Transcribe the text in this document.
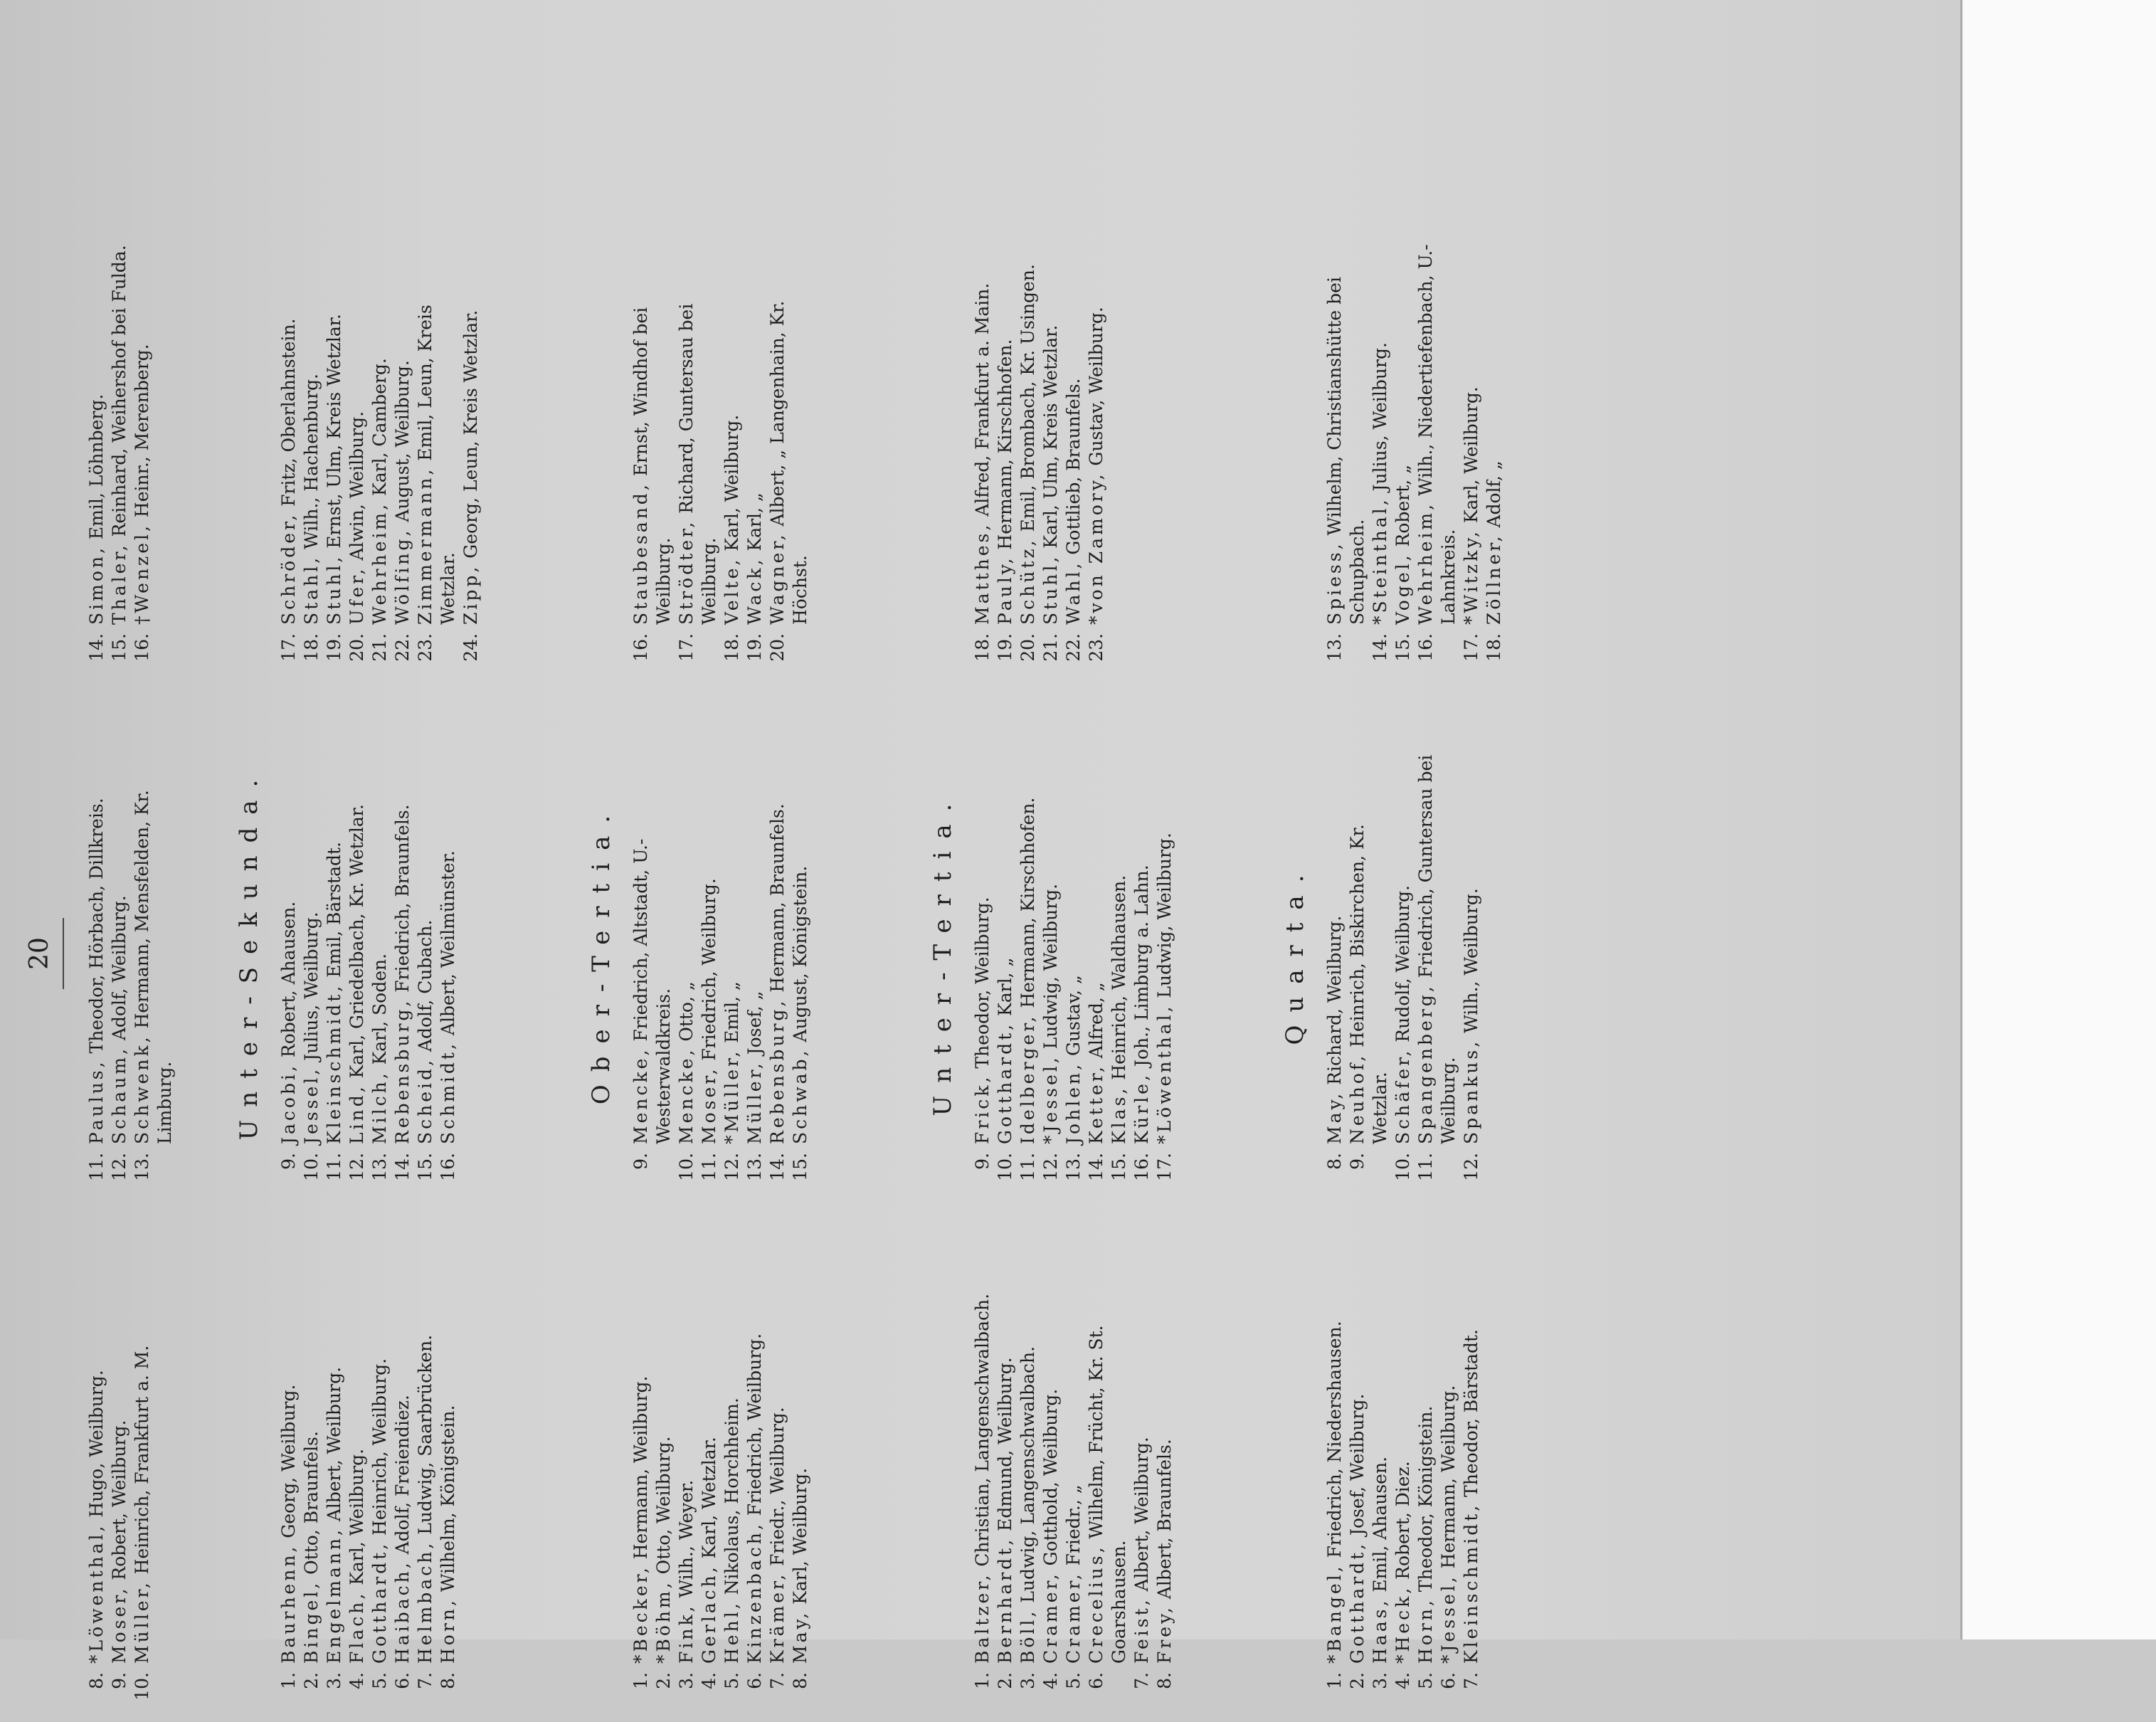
20
8.
*Löwenthal, Hugo, Weilburg.
9.
Moser, Robert, Weilburg.
10.
Müller, Heinrich, Frankfurt a. M.
11.
Paulus, Theodor, Hörbach, Dillkreis.
12.
Schaum, Adolf, Weilburg.
13.
Schwenk, Hermann, Mensfelden, Kr. Limburg.
14.
Simon, Emil, Löhnberg.
15.
Thaler, Reinhard, Weihershof bei Fulda.
16.
†Wenzel, Heinr., Merenberg.
Unter-Sekunda.
1.
Baurhenn, Georg, Weilburg.
2.
Bingel, Otto, Braunfels.
3.
Engelmann, Albert, Weilburg.
4.
Flach, Karl, Weilburg.
5.
Gotthardt, Heinrich, Weilburg.
6.
Haibach, Adolf, Freiendiez.
7.
Helmbach, Ludwig, Saarbrücken.
8.
Horn, Wilhelm, Königstein.
9.
Jacobi, Robert, Ahausen.
10.
Jessel, Julius, Weilburg.
11.
Kleinschmidt, Emil, Bärstadt.
12.
Lind, Karl, Griedelbach, Kr. Wetzlar.
13.
Milch, Karl, Soden.
14.
Rebensburg, Friedrich, Braunfels.
15.
Scheid, Adolf, Cubach.
16.
Schmidt, Albert, Weilmünster.
17.
Schröder, Fritz, Oberlahnstein.
18.
Stahl, Wilh., Hachenburg.
19.
Stuhl, Ernst, Ulm, Kreis Wetzlar.
20.
Ufer, Alwin, Weilburg.
21.
Wehrheim, Karl, Camberg.
22.
Wölfing, August, Weilburg.
23.
Zimmermann, Emil, Leun, Kreis Wetzlar.
24.
Zipp, Georg, Leun, Kreis Wetzlar.
Ober-Tertia.
1.
*Becker, Hermann, Weilburg.
2.
*Böhm, Otto, Weilburg.
3.
Fink, Wilh., Weyer.
4.
Gerlach, Karl, Wetzlar.
5.
Hehl, Nikolaus, Horchheim.
6.
Kinzenbach, Friedrich, Weilburg.
7.
Krämer, Friedr., Weilburg.
8.
May, Karl, Weilburg.
9.
Mencke, Friedrich, Altstadt, U.-Westerwaldkreis.
10.
Mencke, Otto, „
11.
Moser, Friedrich, Weilburg.
12.
*Müller, Emil, „
13.
Müller, Josef, „
14.
Rebensburg, Hermann, Braunfels.
15.
Schwab, August, Königstein.
16.
Staubesand, Ernst, Windhof bei Weilburg.
17.
Strödter, Richard, Guntersau bei Weilburg.
18.
Velte, Karl, Weilburg.
19.
Wack, Karl, „
20.
Wagner, Albert, „ Langenhain, Kr. Höchst.
Unter-Tertia.
1.
Baltzer, Christian, Langenschwalbach.
2.
Bernhardt, Edmund, Weilburg.
3.
Böll, Ludwig, Langenschwalbach.
4.
Cramer, Gotthold, Weilburg.
5.
Cramer, Friedr., „
6.
Crecelius, Wilhelm, Frücht, Kr. St. Goarshausen.
7.
Feist, Albert, Weilburg.
8.
Frey, Albert, Braunfels.
9.
Frick, Theodor, Weilburg.
10.
Gotthardt, Karl, „
11.
Idelberger, Hermann, Kirschhofen.
12.
*Jessel, Ludwig, Weilburg.
13.
Johlen, Gustav, „
14.
Ketter, Alfred, „
15.
Klas, Heinrich, Waldhausen.
16.
Kürle, Joh., Limburg a. Lahn.
17.
*Löwenthal, Ludwig, Weilburg.
18.
Matthes, Alfred, Frankfurt a. Main.
19.
Pauly, Hermann, Kirschhofen.
20.
Schütz, Emil, Brombach, Kr. Usingen.
21.
Stuhl, Karl, Ulm, Kreis Wetzlar.
22.
Wahl, Gottlieb, Braunfels.
23.
*von Zamory, Gustav, Weilburg.
Quarta.
1.
*Bangel, Friedrich, Niedershausen.
2.
Gotthardt, Josef, Weilburg.
3.
Haas, Emil, Ahausen.
4.
*Heck, Robert, Diez.
5.
Horn, Theodor, Königstein.
6.
*Jessel, Hermann, Weilburg.
7.
Kleinschmidt, Theodor, Bärstadt.
8.
May, Richard, Weilburg.
9.
Neuhof, Heinrich, Biskirchen, Kr. Wetzlar.
10.
Schäfer, Rudolf, Weilburg.
11.
Spangenberg, Friedrich, Guntersau bei Weilburg.
12.
Spankus, Wilh., Weilburg.
13.
Spiess, Wilhelm, Christianshütte bei Schupbach.
14.
*Steinthal, Julius, Weilburg.
15.
Vogel, Robert, „
16.
Wehrheim, Wilh., Niedertiefenbach, U.-Lahnkreis.
17.
*Witzky, Karl, Weilburg.
18.
Zöllner, Adolf, „
